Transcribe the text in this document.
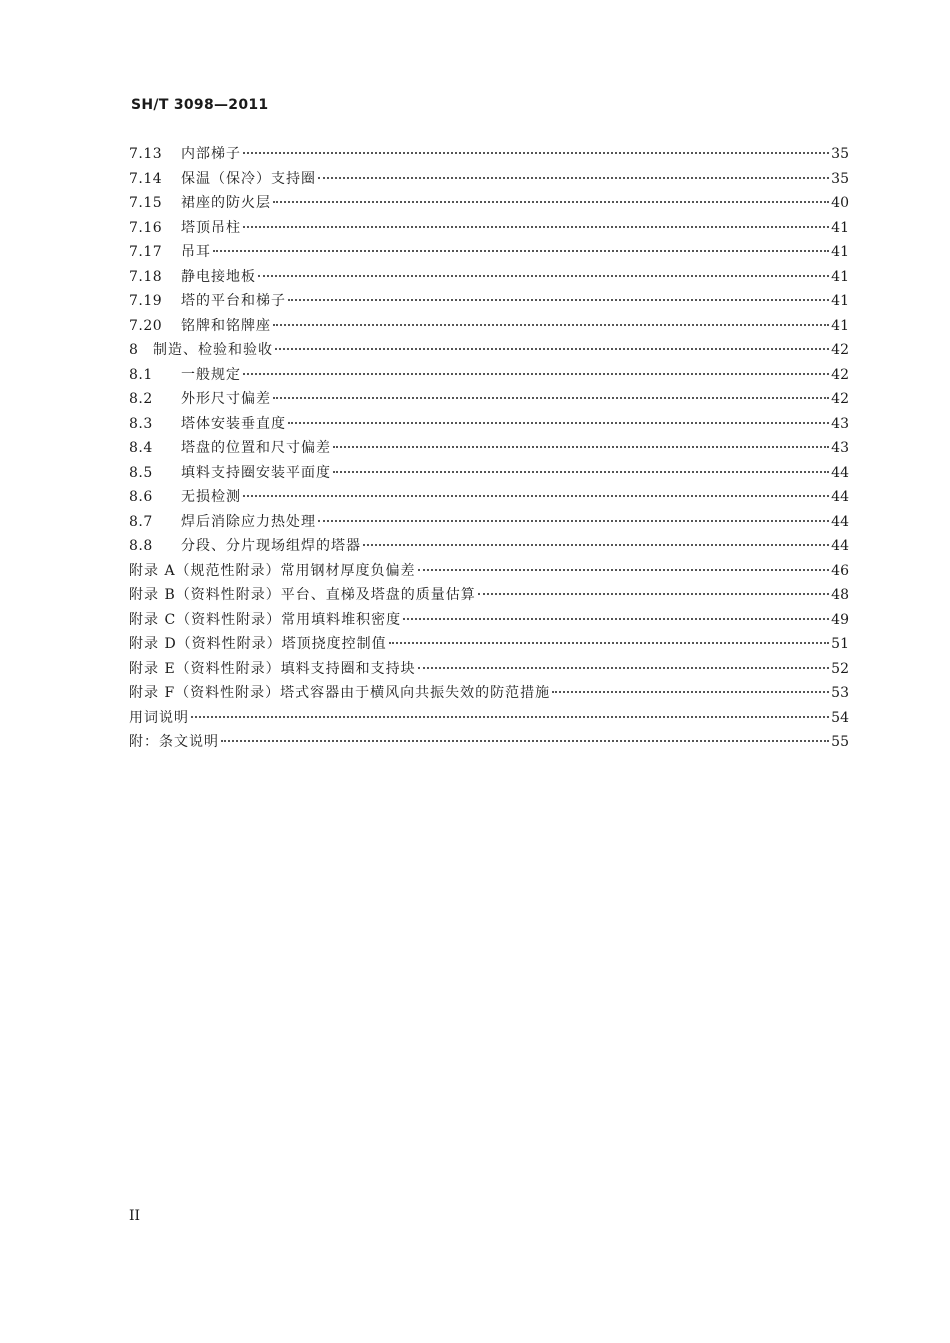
SH/T 3098—2011
7.13	内部梯子	35
7.14	保温（保冷）支持圈	35
7.15	裙座的防火层	40
7.16	塔顶吊柱	41
7.17	吊耳	41
7.18	静电接地板	41
7.19	塔的平台和梯子	41
7.20	铭牌和铭牌座	41
8	制造、检验和验收	42
8.1	一般规定	42
8.2	外形尺寸偏差	42
8.3	塔体安装垂直度	43
8.4	塔盘的位置和尺寸偏差	43
8.5	填料支持圈安装平面度	44
8.6	无损检测	44
8.7	焊后消除应力热处理	44
8.8	分段、分片现场组焊的塔器	44
附录 A（规范性附录）常用钢材厚度负偏差	46
附录 B（资料性附录）平台、直梯及塔盘的质量估算	48
附录 C（资料性附录）常用填料堆积密度	49
附录 D（资料性附录）塔顶挠度控制值	51
附录 E（资料性附录）填料支持圈和支持块	52
附录 F（资料性附录）塔式容器由于横风向共振失效的防范措施	53
用词说明	54
附：条文说明	55
II
